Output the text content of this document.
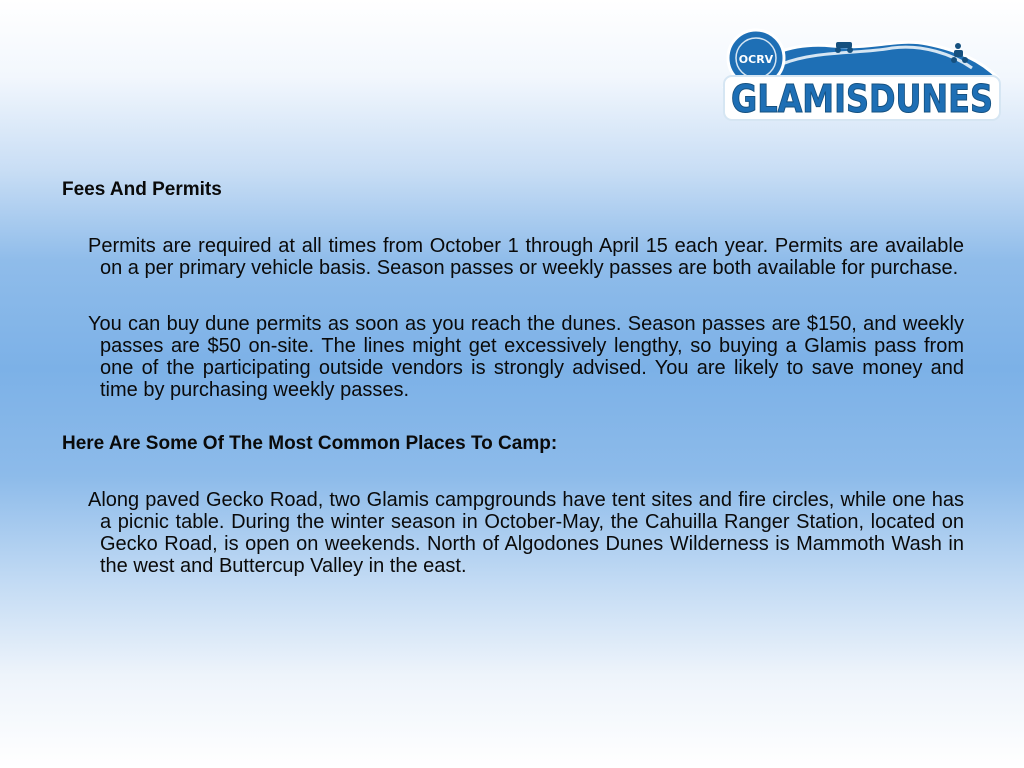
OCRV
GLAMISDUNES
Fees And Permits

Permits are required at all times from October 1 through April 15 each year. Permits are available on a per primary vehicle basis. Season passes or weekly passes are both available for purchase.

You can buy dune permits as soon as you reach the dunes. Season passes are $150, and weekly passes are $50 on-site. The lines might get excessively lengthy, so buying a Glamis pass from one of the participating outside vendors is strongly advised. You are likely to save money and time by purchasing weekly passes.

Here Are Some Of The Most Common Places To Camp:

Along paved Gecko Road, two Glamis campgrounds have tent sites and fire circles, while one has a picnic table. During the winter season in October-May, the Cahuilla Ranger Station, located on Gecko Road, is open on weekends. North of Algodones Dunes Wilderness is Mammoth Wash in the west and Buttercup Valley in the east.
